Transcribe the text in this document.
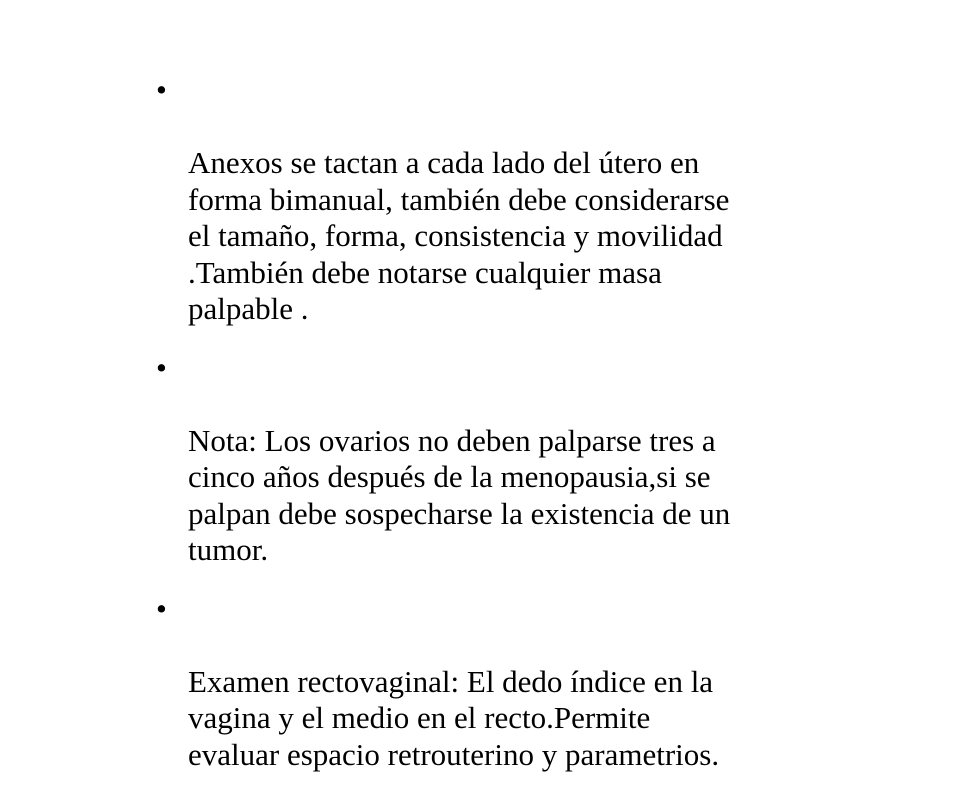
•

Anexos se tactan a cada lado del útero en
forma bimanual, también debe considerarse
el tamaño, forma, consistencia y movilidad
.También debe notarse cualquier masa
palpable .

•

Nota: Los ovarios no deben palparse tres a
cinco años después de la menopausia,si se
palpan debe sospecharse la existencia de un
tumor.

•

Examen rectovaginal: El dedo índice en la
vagina y el medio en el recto.Permite
evaluar espacio retrouterino y parametrios.
